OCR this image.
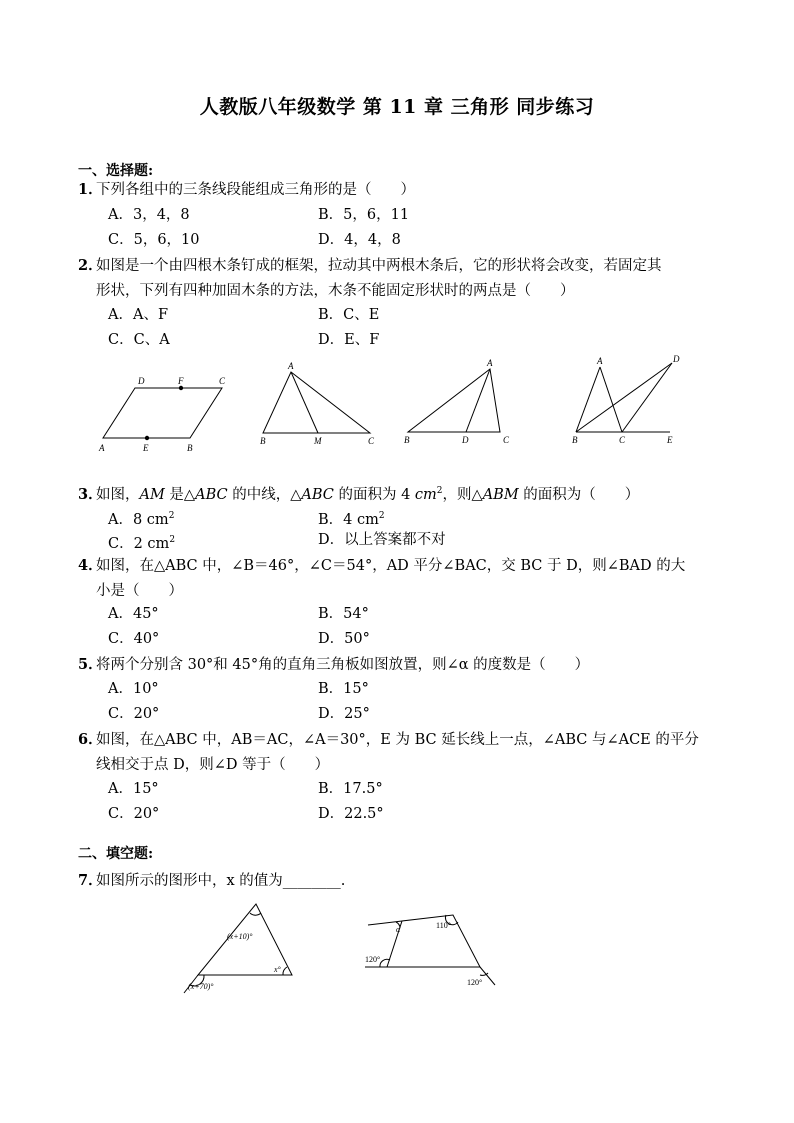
人教版八年级数学 第 11 章 三角形 同步练习
一、选择题:
1．下列各组中的三条线段能组成三角形的是（　　）
A．3，4，8	B．5，6，11
C．5，6，10	D．4，4，8
2．如图是一个由四根木条钉成的框架，拉动其中两根木条后，它的形状将会改变，若固定其
形状，下列有四种加固木条的方法，木条不能固定形状时的两点是（　　）
A．A、F	B．C、E
C．C、A	D．E、F
D	F	C
A	E	B
A
B	M	C
A
B	D	C
A	D
B	C	E
3．如图，AM 是△ABC 的中线，△ABC 的面积为 4 $cm^2$，则△ABM 的面积为（　　）
A．8 $cm^2$	B．4 $cm^2$
C．2 $cm^2$	D．以上答案都不对
4．如图，在△ABC 中，∠B＝46°，∠C＝54°，AD 平分∠BAC，交 BC 于 D，则∠BAD 的大
小是（　　）
A．45°	B．54°
C．40°	D．50°
5．将两个分别含 30°和 45°角的直角三角板如图放置，则∠α 的度数是（　　）
A．10°	B．15°
C．20°	D．25°
6．如图，在△ABC 中，AB＝AC，∠A＝30°，E 为 BC 延长线上一点，∠ABC 与∠ACE 的平分
线相交于点 D，则∠D 等于（　　）
A．15°	B．17.5°
C．20°	D．22.5°
二、填空题:
7．如图所示的图形中，x 的值为________.
(x+10)°
x°
(x+70)°
α	110°
120°
120°
